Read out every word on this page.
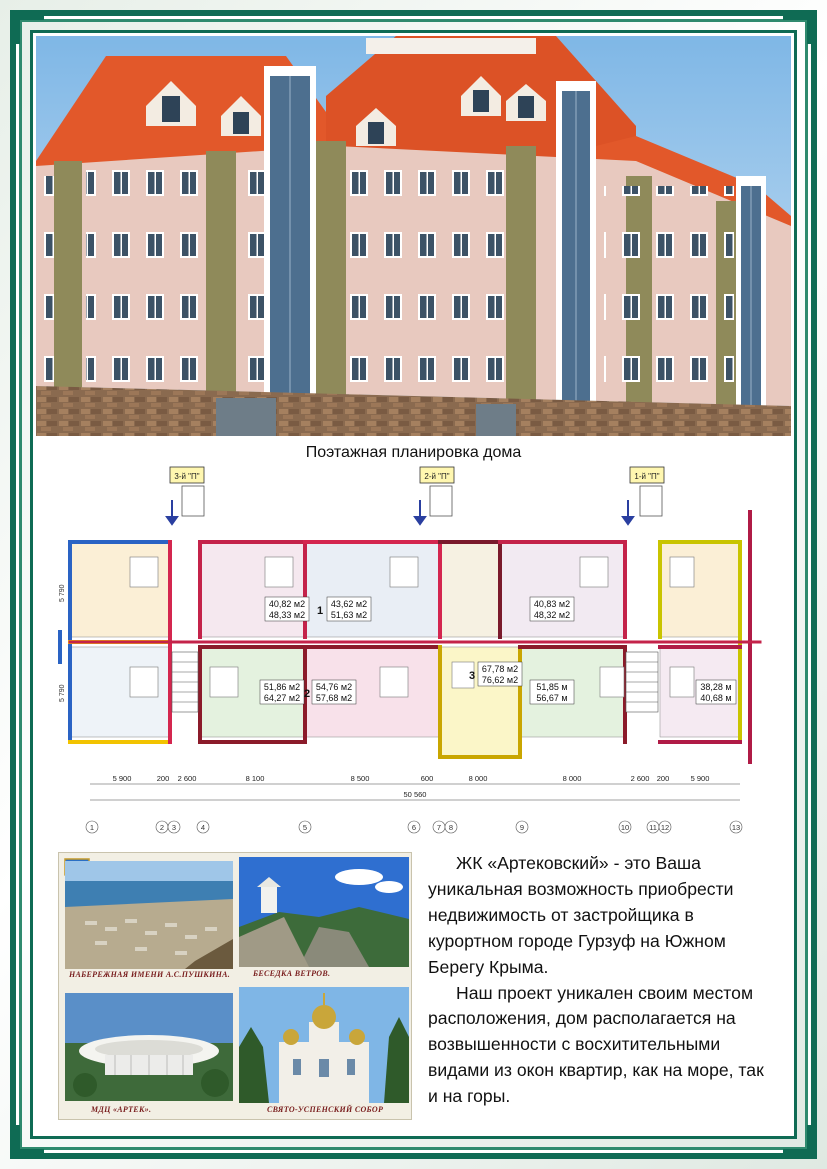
Поэтажная планировка дома
3-й "П"	2-й "П"	1-й "П"
40,82 м2
48,33 м2 1
43,62 м2
51,63 м2
40,83 м2
48,32 м2
51,86 м2
64,27 м2 2
54,76 м2
57,68 м2
3
67,78 м2
76,62 м2
51,85 м
56,67 м
38,28 м
40,68 м
5 790
5 790
5 900	200 2 600	8 100	8 500	600	8 000	8 000	2 600 200	5 900
50 560
1	2 3	4	5	6	7 8	9	10	11 12	13
НАБЕРЕЖНАЯ ИМЕНИ А.С.ПУШКИНА.	БЕСЕДКА ВЕТРОВ.
МДЦ «АРТЕК».	СВЯТО-УСПЕНСКИЙ СОБОР

ЖК «Артековский» - это Ваша уникальная возможность приобрести недвижимость от застройщика в курортном городе Гурзуф на Южном Берегу Крыма.

Наш проект уникален своим местом расположения, дом располагается на возвышенности с восхитительными видами из окон квартир, как на море, так и на горы.
